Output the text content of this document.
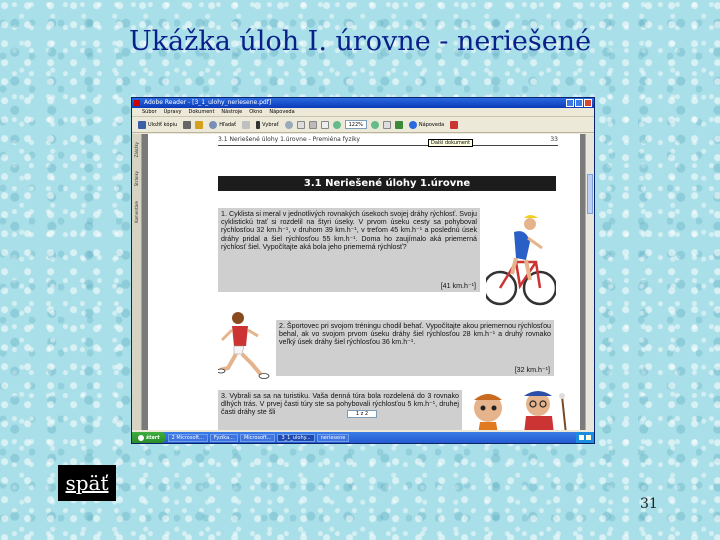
Ukážka úloh I. úrovne - neriešené
Adobe Reader - [3_1_ulohy_neriesene.pdf]
Súbor Úpravy Dokument Nástroje Okno Nápoveda
Uložiť kópiu	Hľadať	Vybrať	122%	Nápoveda
Ďalší dokument
Záložky
Stránky
Komentáre
3.1 Neriešené úlohy 1.úrovne - Premiéna fyziky	33
3.1 Neriešené úlohy 1.úrovne
1. Cyklista si meral v jednotlivých rovnakých úsekoch svojej dráhy rýchlosť. Svoju cyklistickú trať si rozdelil na štyri úseky. V prvom úseku cesty sa pohyboval rýchlosťou 32 km.h⁻¹, v druhom 39 km.h⁻¹, v treťom 45 km.h⁻¹ a poslednú úsek dráhy pridal a šiel rýchlosťou 55 km.h⁻¹. Doma ho zaujímalo aká priemerná rýchlosť šiel. Vypočítajte aká bola jeho priemerná rýchlosť?
[41 km.h⁻¹]
2. Športovec pri svojom tréningu chodil behať. Vypočítajte akou priemernou rýchlosťou behal, ak vo svojom prvom úseku dráhy šiel rýchlosťou 28 km.h⁻¹ a druhý rovnako veľký úsek dráhy šiel rýchlosťou 36 km.h⁻¹.
[32 km.h⁻¹]
3. Vybrali sa sa na turistiku. Vaša denná túra bola rozdelená do 3 rovnako dlhých trás. V prvej časti túry ste sa pohybovali rýchlosťou 5 km.h⁻¹, druhej časti dráhy ste šli	1 z 2
štart	2 Microsoft...	Fyzika...	Microsoft...	3_1_ulohy...	neriesene
späť
31
